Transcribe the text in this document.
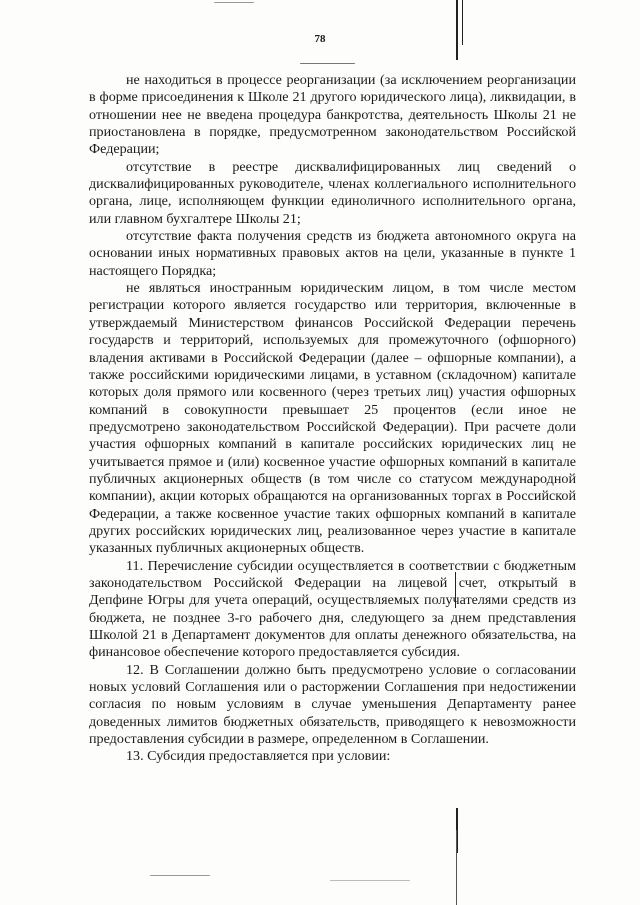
78

не находиться в процессе реорганизации (за исключением реорганизации в форме присоединения к Школе 21 другого юридического лица), ликвидации, в отношении нее не введена процедура банкротства, деятельность Школы 21 не приостановлена в порядке, предусмотренном законодательством Российской Федерации;

отсутствие в реестре дисквалифицированных лиц сведений о дисквалифицированных руководителе, членах коллегиального исполнительного органа, лице, исполняющем функции единоличного исполнительного органа, или главном бухгалтере Школы 21;

отсутствие факта получения средств из бюджета автономного округа на основании иных нормативных правовых актов на цели, указанные в пункте 1 настоящего Порядка;

не являться иностранным юридическим лицом, в том числе местом регистрации которого является государство или территория, включенные в утверждаемый Министерством финансов Российской Федерации перечень государств и территорий, используемых для промежуточного (офшорного) владения активами в Российской Федерации (далее – офшорные компании), а также российскими юридическими лицами, в уставном (складочном) капитале которых доля прямого или косвенного (через третьих лиц) участия офшорных компаний в совокупности превышает 25 процентов (если иное не предусмотрено законодательством Российской Федерации). При расчете доли участия офшорных компаний в капитале российских юридических лиц не учитывается прямое и (или) косвенное участие офшорных компаний в капитале публичных акционерных обществ (в том числе со статусом международной компании), акции которых обращаются на организованных торгах в Российской Федерации, а также косвенное участие таких офшорных компаний в капитале других российских юридических лиц, реализованное через участие в капитале указанных публичных акционерных обществ.

11. Перечисление субсидии осуществляется в соответствии с бюджетным законодательством Российской Федерации на лицевой счет, открытый в Депфине Югры для учета операций, осуществляемых получателями средств из бюджета, не позднее 3-го рабочего дня, следующего за днем представления Школой 21 в Департамент документов для оплаты денежного обязательства, на финансовое обеспечение которого предоставляется субсидия.

12. В Соглашении должно быть предусмотрено условие о согласовании новых условий Соглашения или о расторжении Соглашения при недостижении согласия по новым условиям в случае уменьшения Департаменту ранее доведенных лимитов бюджетных обязательств, приводящего к невозможности предоставления субсидии в размере, определенном в Соглашении.

13. Субсидия предоставляется при условии:
